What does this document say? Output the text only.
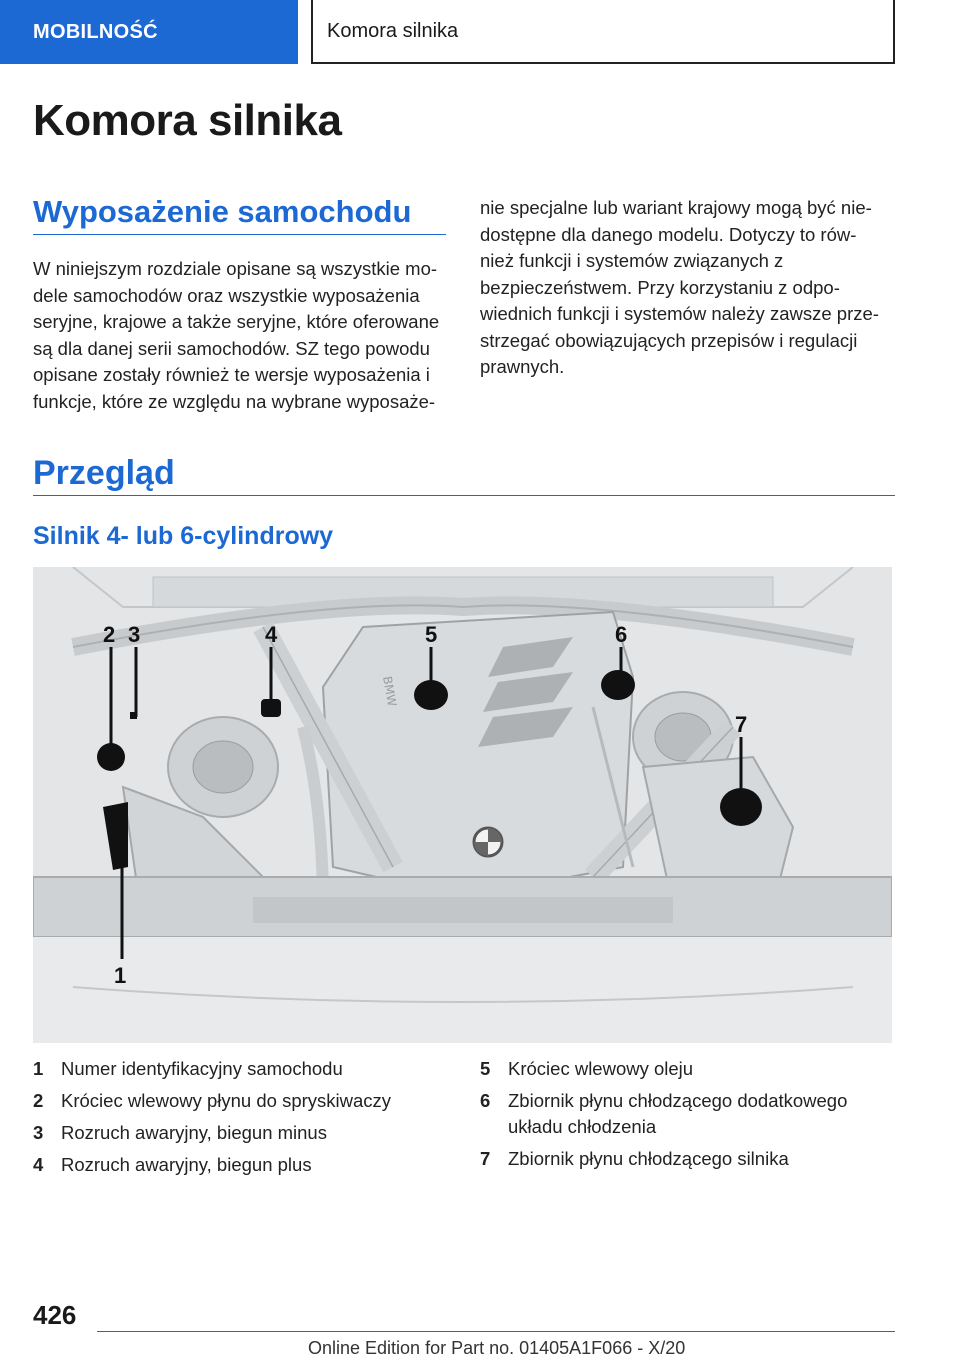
MOBILNOŚĆ	Komora silnika
Komora silnika
Wyposażenie samochodu

W niniejszym rozdziale opisane są wszystkie mo- dele samochodów oraz wszystkie wyposażenia seryjne, krajowe a także seryjne, które oferowane są dla danej serii samochodów. SZ tego powodu opisane zostały również te wersje wyposażenia i funkcje, które ze względu na wybrane wyposaże-

nie specjalne lub wariant krajowy mogą być nie- dostępne dla danego modelu. Dotyczy to rów- nież funkcji i systemów związanych z bezpieczeństwem. Przy korzystaniu z odpo- wiednich funkcji i systemów należy zawsze prze- strzegać obowiązujących przepisów i regulacji prawnych.

Przegląd
Silnik 4- lub 6-cylindrowy
BMW
2 3	4	5	6
7
1
1 Numer identyfikacyjny samochodu
2 Króciec wlewowy płynu do spryskiwaczy
3 Rozruch awaryjny, biegun minus
4 Rozruch awaryjny, biegun plus
5 Króciec wlewowy oleju
6 Zbiornik płynu chłodzącego dodatkowego układu chłodzenia
7 Zbiornik płynu chłodzącego silnika
426
Online Edition for Part no. 01405A1F066 - X/20
